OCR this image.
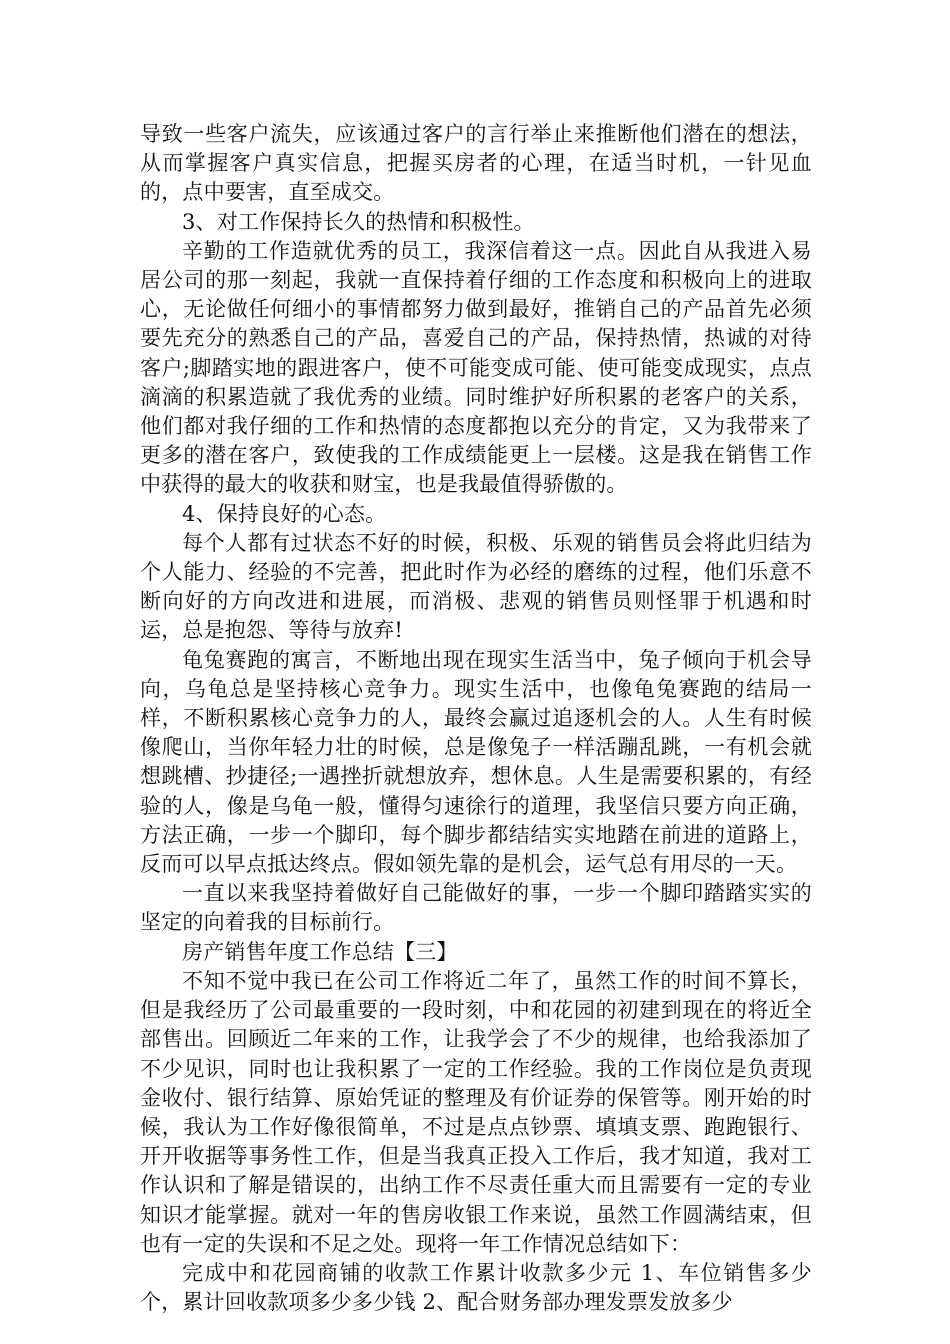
导致一些客户流失，应该通过客户的言行举止来推断他们潜在的想法，从而掌握客户真实信息，把握买房者的心理，在适当时机，一针见血的，点中要害，直至成交。

3、对工作保持长久的热情和积极性。

辛勤的工作造就优秀的员工，我深信着这一点。因此自从我进入易居公司的那一刻起，我就一直保持着仔细的工作态度和积极向上的进取心，无论做任何细小的事情都努力做到最好，推销自己的产品首先必须要先充分的熟悉自己的产品，喜爱自己的产品，保持热情，热诚的对待客户;脚踏实地的跟进客户，使不可能变成可能、使可能变成现实，点点滴滴的积累造就了我优秀的业绩。同时维护好所积累的老客户的关系，他们都对我仔细的工作和热情的态度都抱以充分的肯定，又为我带来了更多的潜在客户，致使我的工作成绩能更上一层楼。这是我在销售工作中获得的最大的收获和财宝，也是我最值得骄傲的。

4、保持良好的心态。

每个人都有过状态不好的时候，积极、乐观的销售员会将此归结为个人能力、经验的不完善，把此时作为必经的磨练的过程，他们乐意不断向好的方向改进和进展，而消极、悲观的销售员则怪罪于机遇和时运，总是抱怨、等待与放弃!

龟兔赛跑的寓言，不断地出现在现实生活当中，兔子倾向于机会导向，乌龟总是坚持核心竞争力。现实生活中，也像龟兔赛跑的结局一样，不断积累核心竞争力的人，最终会赢过追逐机会的人。人生有时候像爬山，当你年轻力壮的时候，总是像兔子一样活蹦乱跳，一有机会就想跳槽、抄捷径;一遇挫折就想放弃，想休息。人生是需要积累的，有经验的人，像是乌龟一般，懂得匀速徐行的道理，我坚信只要方向正确，方法正确，一步一个脚印，每个脚步都结结实实地踏在前进的道路上，反而可以早点抵达终点。假如领先靠的是机会，运气总有用尽的一天。

一直以来我坚持着做好自己能做好的事，一步一个脚印踏踏实实的坚定的向着我的目标前行。

房产销售年度工作总结【三】

不知不觉中我已在公司工作将近二年了，虽然工作的时间不算长，但是我经历了公司最重要的一段时刻，中和花园的初建到现在的将近全部售出。回顾近二年来的工作，让我学会了不少的规律，也给我添加了不少见识，同时也让我积累了一定的工作经验。我的工作岗位是负责现金收付、银行结算、原始凭证的整理及有价证券的保管等。刚开始的时候，我认为工作好像很简单，不过是点点钞票、填填支票、跑跑银行、开开收据等事务性工作，但是当我真正投入工作后，我才知道，我对工作认识和了解是错误的，出纳工作不尽责任重大而且需要有一定的专业知识才能掌握。就对一年的售房收银工作来说，虽然工作圆满结束，但也有一定的失误和不足之处。现将一年工作情况总结如下：

完成中和花园商铺的收款工作累计收款多少元 1、车位销售多少个，累计回收款项多少多少钱 2、配合财务部办理发票发放多少
